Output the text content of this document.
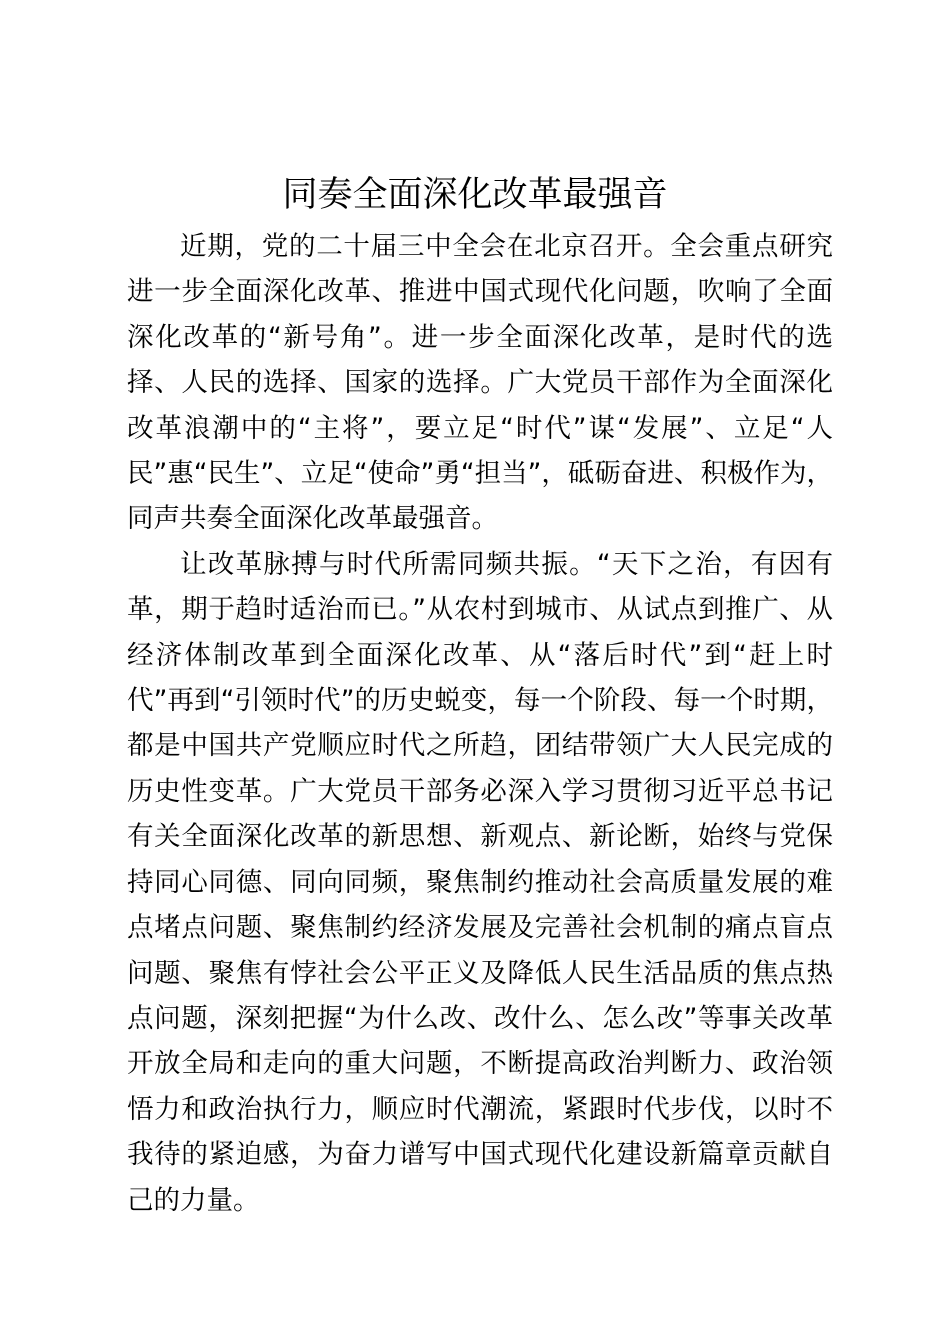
同奏全面深化改革最强音

近期，党的二十届三中全会在北京召开。全会重点研究进一步全面深化改革、推进中国式现代化问题，吹响了全面深化改革的“新号角”。进一步全面深化改革，是时代的选择、人民的选择、国家的选择。广大党员干部作为全面深化改革浪潮中的“主将”，要立足“时代”谋“发展”、立足“人民”惠“民生”、立足“使命”勇“担当”，砥砺奋进、积极作为，同声共奏全面深化改革最强音。

让改革脉搏与时代所需同频共振。“天下之治，有因有革，期于趋时适治而已。”从农村到城市、从试点到推广、从经济体制改革到全面深化改革、从“落后时代”到“赶上时代”再到“引领时代”的历史蜕变，每一个阶段、每一个时期，都是中国共产党顺应时代之所趋，团结带领广大人民完成的历史性变革。广大党员干部务必深入学习贯彻习近平总书记有关全面深化改革的新思想、新观点、新论断，始终与党保持同心同德、同向同频，聚焦制约推动社会高质量发展的难点堵点问题、聚焦制约经济发展及完善社会机制的痛点盲点问题、聚焦有悖社会公平正义及降低人民生活品质的焦点热点问题，深刻把握“为什么改、改什么、怎么改”等事关改革开放全局和走向的重大问题，不断提高政治判断力、政治领悟力和政治执行力，顺应时代潮流，紧跟时代步伐，以时不我待的紧迫感，为奋力谱写中国式现代化建设新篇章贡献自己的力量。
